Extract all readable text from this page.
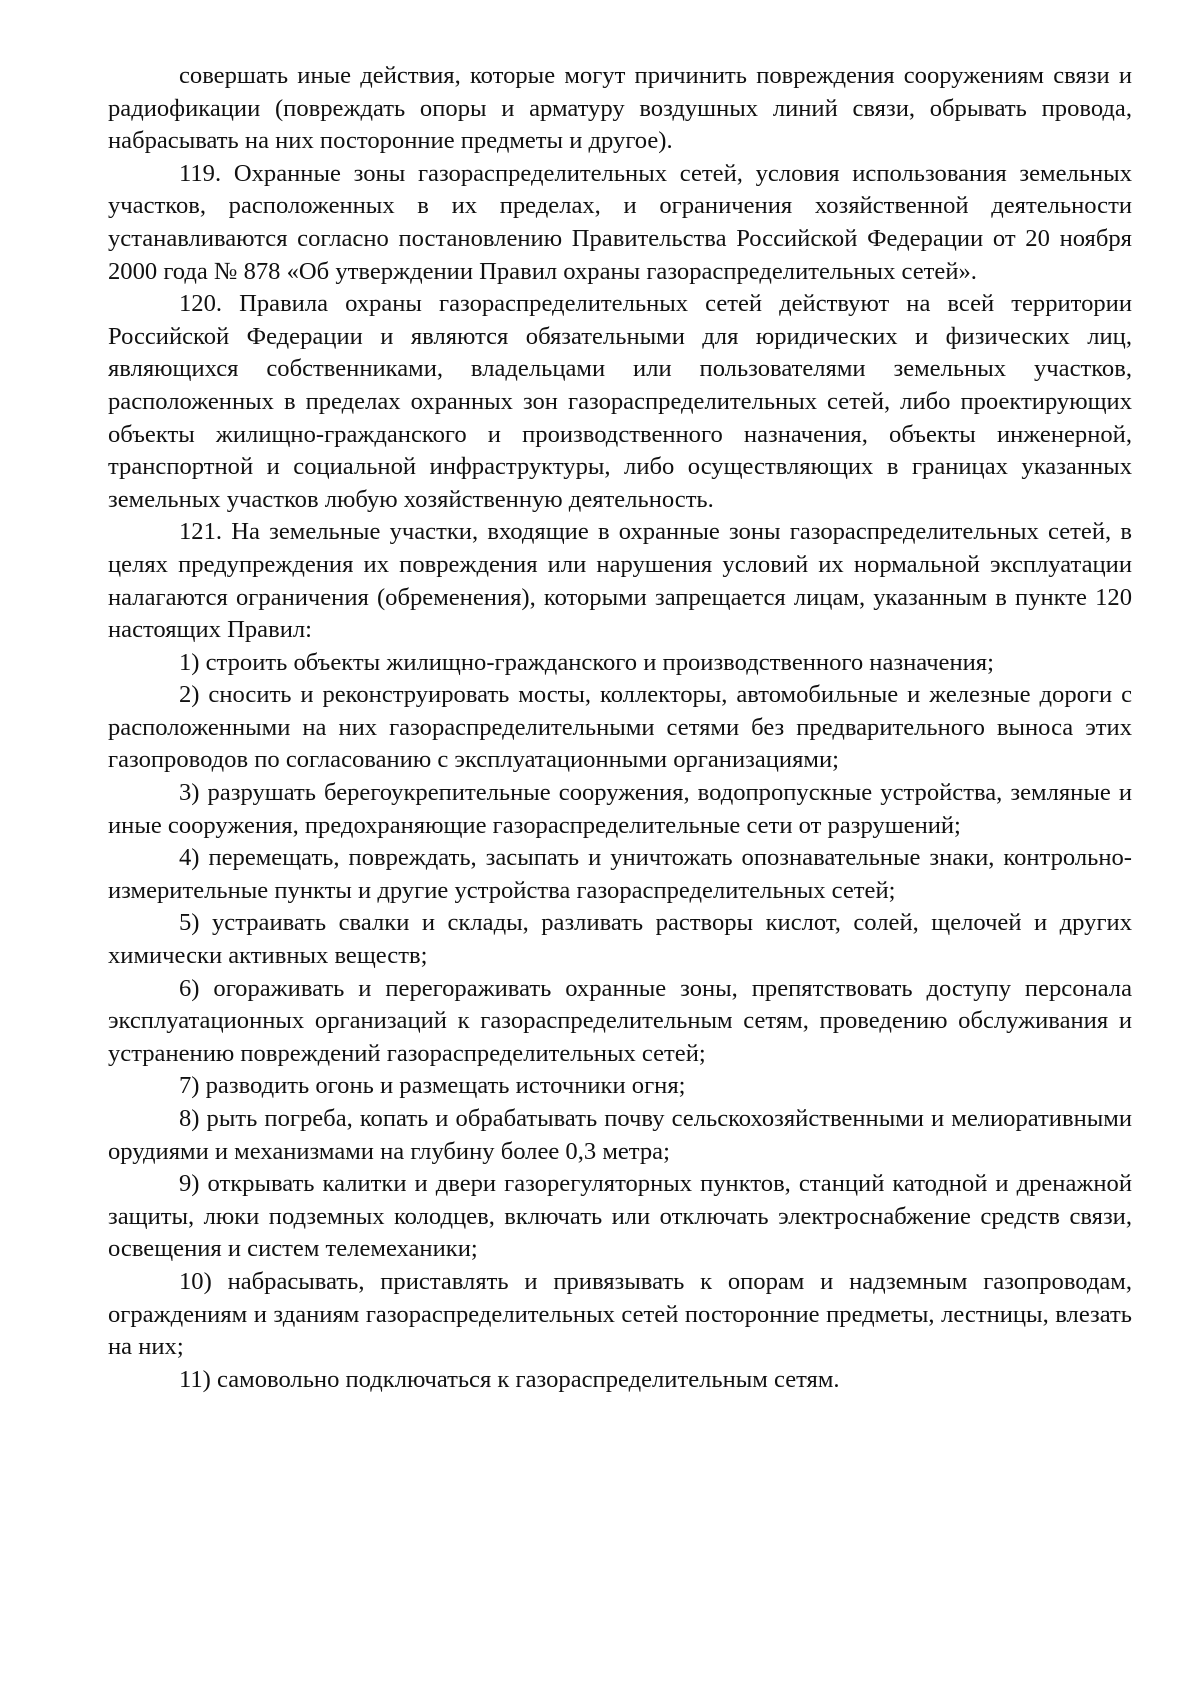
совершать иные действия, которые могут причинить повреждения сооружениям связи и радиофикации (повреждать опоры и арматуру воздушных линий связи, обрывать провода, набрасывать на них посторонние предметы и другое).

119. Охранные зоны газораспределительных сетей, условия использования земельных участков, расположенных в их пределах, и ограничения хозяйственной деятельности устанавливаются согласно постановлению Правительства Российской Федерации от 20 ноября 2000 года № 878 «Об утверждении Правил охраны газораспределительных сетей».

120. Правила охраны газораспределительных сетей действуют на всей территории Российской Федерации и являются обязательными для юридических и физических лиц, являющихся собственниками, владельцами или пользователями земельных участков, расположенных в пределах охранных зон газораспределительных сетей, либо проектирующих объекты жилищно-гражданского и производственного назначения, объекты инженерной, транспортной и социальной инфраструктуры, либо осуществляющих в границах указанных земельных участков любую хозяйственную деятельность.

121. На земельные участки, входящие в охранные зоны газораспределительных сетей, в целях предупреждения их повреждения или нарушения условий их нормальной эксплуатации налагаются ограничения (обременения), которыми запрещается лицам, указанным в пункте 120 настоящих Правил:

1) строить объекты жилищно-гражданского и производственного назначения;

2) сносить и реконструировать мосты, коллекторы, автомобильные и железные дороги с расположенными на них газораспределительными сетями без предварительного выноса этих газопроводов по согласованию с эксплуатационными организациями;

3) разрушать берегоукрепительные сооружения, водопропускные устройства, земляные и иные сооружения, предохраняющие газораспределительные сети от разрушений;

4) перемещать, повреждать, засыпать и уничтожать опознавательные знаки, контрольно-измерительные пункты и другие устройства газораспределительных сетей;

5) устраивать свалки и склады, разливать растворы кислот, солей, щелочей и других химически активных веществ;

6) огораживать и перегораживать охранные зоны, препятствовать доступу персонала эксплуатационных организаций к газораспределительным сетям, проведению обслуживания и устранению повреждений газораспределительных сетей;

7) разводить огонь и размещать источники огня;

8) рыть погреба, копать и обрабатывать почву сельскохозяйственными и мелиоративными орудиями и механизмами на глубину более 0,3 метра;

9) открывать калитки и двери газорегуляторных пунктов, станций катодной и дренажной защиты, люки подземных колодцев, включать или отключать электроснабжение средств связи, освещения и систем телемеханики;

10) набрасывать, приставлять и привязывать к опорам и надземным газопроводам, ограждениям и зданиям газораспределительных сетей посторонние предметы, лестницы, влезать на них;

11) самовольно подключаться к газораспределительным сетям.
